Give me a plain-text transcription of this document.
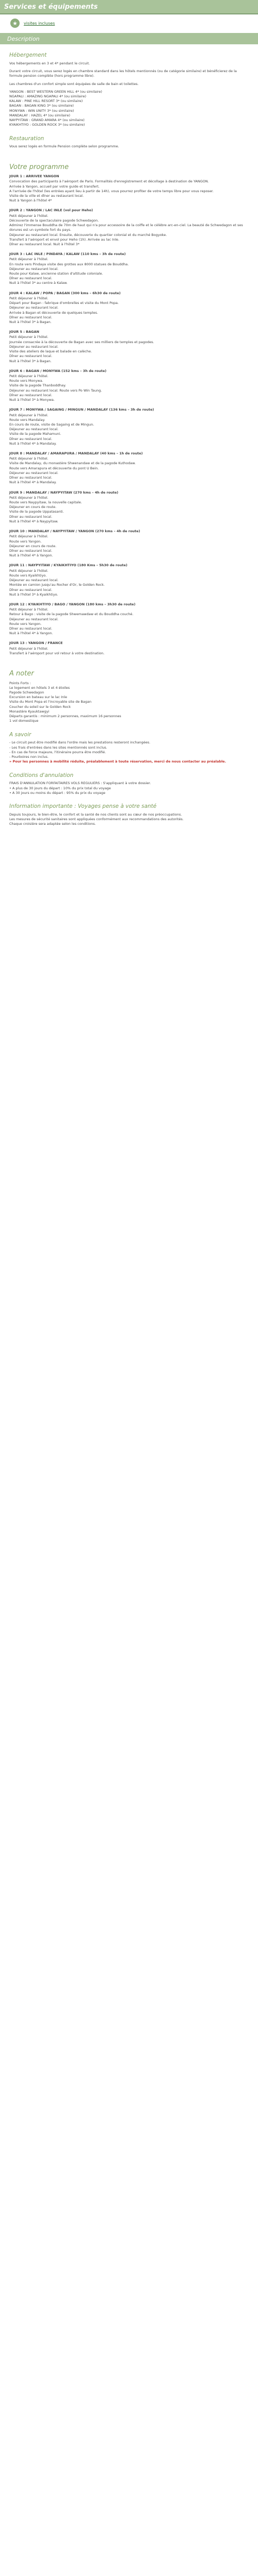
Services et équipements
★	visites incluses
Description
Hébergement

Vos hébergements en 3 et 4* pendant le circuit.

Durant votre circuit, vous serez logés en chambre standard dans les hôtels mentionnés (ou de catégorie similaire) et bénéficierez de la formule pension complète (hors programme libre).

Les chambres d'un confort simple sont équipées de salle de bain et toilettes.

YANGON : BEST WESTERN GREEN HILL 4* (ou similaire)
NGAPALI : AMAZING NGAPALI 4* (ou similaire)
KALAW : PINE HILL RESORT 3* (ou similaire)
BAGAN : BAGAN KING 3* (ou similaire)
MONYWA : WIN UNITY 3* (ou similaire)
MANDALAY : HAZEL 4* (ou similaire)
NAYPYITAW : GRAND AMARA 4* (ou similaire)
KYAIKHTIYO : GOLDEN ROCK 3* (ou similaire)
Restauration

Vous serez logés en formule Pension complète selon programme.

Votre programme
JOUR 1 : ARRIVEE YANGON
Convocation des participants à l'aéroport de Paris. Formalités d'enregistrement et décollage à destination de YANGON.
Arrivée à Yangon, accueil par votre guide et transfert.
A l'arrivée de l'hôtel (les entrées ayant lieu à partir de 14h), vous pourrez profiter de votre temps libre pour vous reposer.
Visite de la ville et dîner au restaurant local.
Nuit à Yangon à l'hôtel 4*
JOUR 2 : YANGON / LAC INLE (vol pour Heho)
Petit déjeuner à l'hôtel.
Découverte de la spectaculaire pagode Schwedagon.
Admirez l'immense Bouddha de 70m de haut qui n'a pour accessoire de la coiffe et le célèbre arc-en-ciel. La beauté de Schwedagon et ses dorures est un symbole fort du pays.
Déjeuner au restaurant local. Ensuite, découverte du quartier colonial et du marché Bogyoke.
Transfert à l'aéroport et envol pour Heho (1h). Arrivée au lac Inle.
Dîner au restaurant local. Nuit à l'hôtel 3*
JOUR 3 : LAC INLE / PINDAYA / KALAW (110 kms – 3h de route)
Petit déjeuner à l'hôtel.
En route vers Pindaya visite des grottes aux 8000 statues de Bouddha.
Déjeuner au restaurant local.
Route pour Kalaw, ancienne station d'altitude coloniale.
Dîner au restaurant local.
Nuit à l'hôtel 3* au centre à Kalaw.
JOUR 4 : KALAW / POPA / BAGAN (300 kms – 6h30 de route)
Petit déjeuner à l'hôtel.
Départ pour Bagan : fabrique d'ombrelles et visite du Mont Popa.
Déjeuner au restaurant local.
Arrivée à Bagan et découverte de quelques temples.
Dîner au restaurant local.
Nuit à l'hôtel 3* à Bagan.
JOUR 5 : BAGAN
Petit déjeuner à l'hôtel.
Journée consacrée à la découverte de Bagan avec ses milliers de temples et pagodes.
Déjeuner au restaurant local.
Visite des ateliers de laque et balade en calèche.
Dîner au restaurant local.
Nuit à l'hôtel 3* à Bagan.
JOUR 6 : BAGAN / MONYWA (152 kms – 3h de route)
Petit déjeuner à l'hôtel.
Route vers Monywa.
Visite de la pagode Thanboddhay.
Déjeuner au restaurant local. Route vers Po Win Taung.
Dîner au restaurant local.
Nuit à l'hôtel 3* à Monywa.
JOUR 7 : MONYWA / SAGAING / MINGUN / MANDALAY (136 kms – 3h de route)
Petit déjeuner à l'hôtel.
Route vers Mandalay.
En cours de route, visite de Sagaing et de Mingun.
Déjeuner au restaurant local.
Visite de la pagode Mahamuni.
Dîner au restaurant local.
Nuit à l'hôtel 4* à Mandalay.
JOUR 8 : MANDALAY / AMARAPURA / MANDALAY (40 kms – 1h de route)
Petit déjeuner à l'hôtel.
Visite de Mandalay, du monastère Shwenandaw et de la pagode Kuthodaw.
Route vers Amarapura et découverte du pont U Bein.
Déjeuner au restaurant local.
Dîner au restaurant local.
Nuit à l'hôtel 4* à Mandalay.
JOUR 9 : MANDALAY / NAYPYITAW (270 kms – 4h de route)
Petit déjeuner à l'hôtel.
Route vers Naypyitaw, la nouvelle capitale.
Déjeuner en cours de route.
Visite de la pagode Uppatasanti.
Dîner au restaurant local.
Nuit à l'hôtel 4* à Naypyitaw.
JOUR 10 : MANDALAY / NAYPYITAW / YANGON (270 kms – 4h de route)
Petit déjeuner à l'hôtel.
Route vers Yangon.
Déjeuner en cours de route.
Dîner au restaurant local.
Nuit à l'hôtel 4* à Yangon.
JOUR 11 : NAYPYITAW / KYAIKHTIYO (180 Kms – 5h30 de route)
Petit déjeuner à l'hôtel.
Route vers Kyaikhtiyo.
Déjeuner au restaurant local.
Montée en camion jusqu'au Rocher d'Or, le Golden Rock.
Dîner au restaurant local.
Nuit à l'hôtel 3* à Kyaikhtiyo.
JOUR 12 : KYAIKHTIYO / BAGO / YANGON (180 kms – 3h30 de route)
Petit déjeuner à l'hôtel.
Retour à Bago : visite de la pagode Shwemawdaw et du Bouddha couché.
Déjeuner au restaurant local.
Route vers Yangon.
Dîner au restaurant local.
Nuit à l'hôtel 4* à Yangon.
JOUR 13 : YANGON / FRANCE
Petit déjeuner à l'hôtel.
Transfert à l'aéroport pour vol retour à votre destination.
A noter
Points Forts :
Le logement en hôtels 3 et 4 étoiles
Pagode Schwedagon
Excursion en bateau sur le lac Inle
Visite du Mont Popa et l'incroyable site de Bagan
Coucher du soleil sur le Golden Rock
Monastère Kyauktawgyi
Départs garantis : minimum 2 personnes, maximum 16 personnes
1 vol domestique
A savoir
- Le circuit peut être modifié dans l'ordre mais les prestations resteront inchangées.
- Les frais d'entrées dans les sites mentionnés sont inclus.
- En cas de force majeure, l'itinéraire pourra être modifié.
- Pourboires non inclus.

» Pour les personnes à mobilité réduite, préalablement à toute réservation, merci de nous contacter au préalable.

Conditions d'annulation
FRAIS D'ANNULATION FORFAITAIRES VOLS REGULIERS : S'appliquant à votre dossier.
• A plus de 30 jours du départ : 10% du prix total du voyage
• A 30 jours ou moins du départ : 95% du prix du voyage
Information importante : Voyages pense à votre santé
Depuis toujours, le bien-être, le confort et la santé de nos clients sont au cœur de nos préoccupations.
Les mesures de sécurité sanitaires sont appliquées conformément aux recommandations des autorités.
Chaque croisière sera adaptée selon les conditions.
